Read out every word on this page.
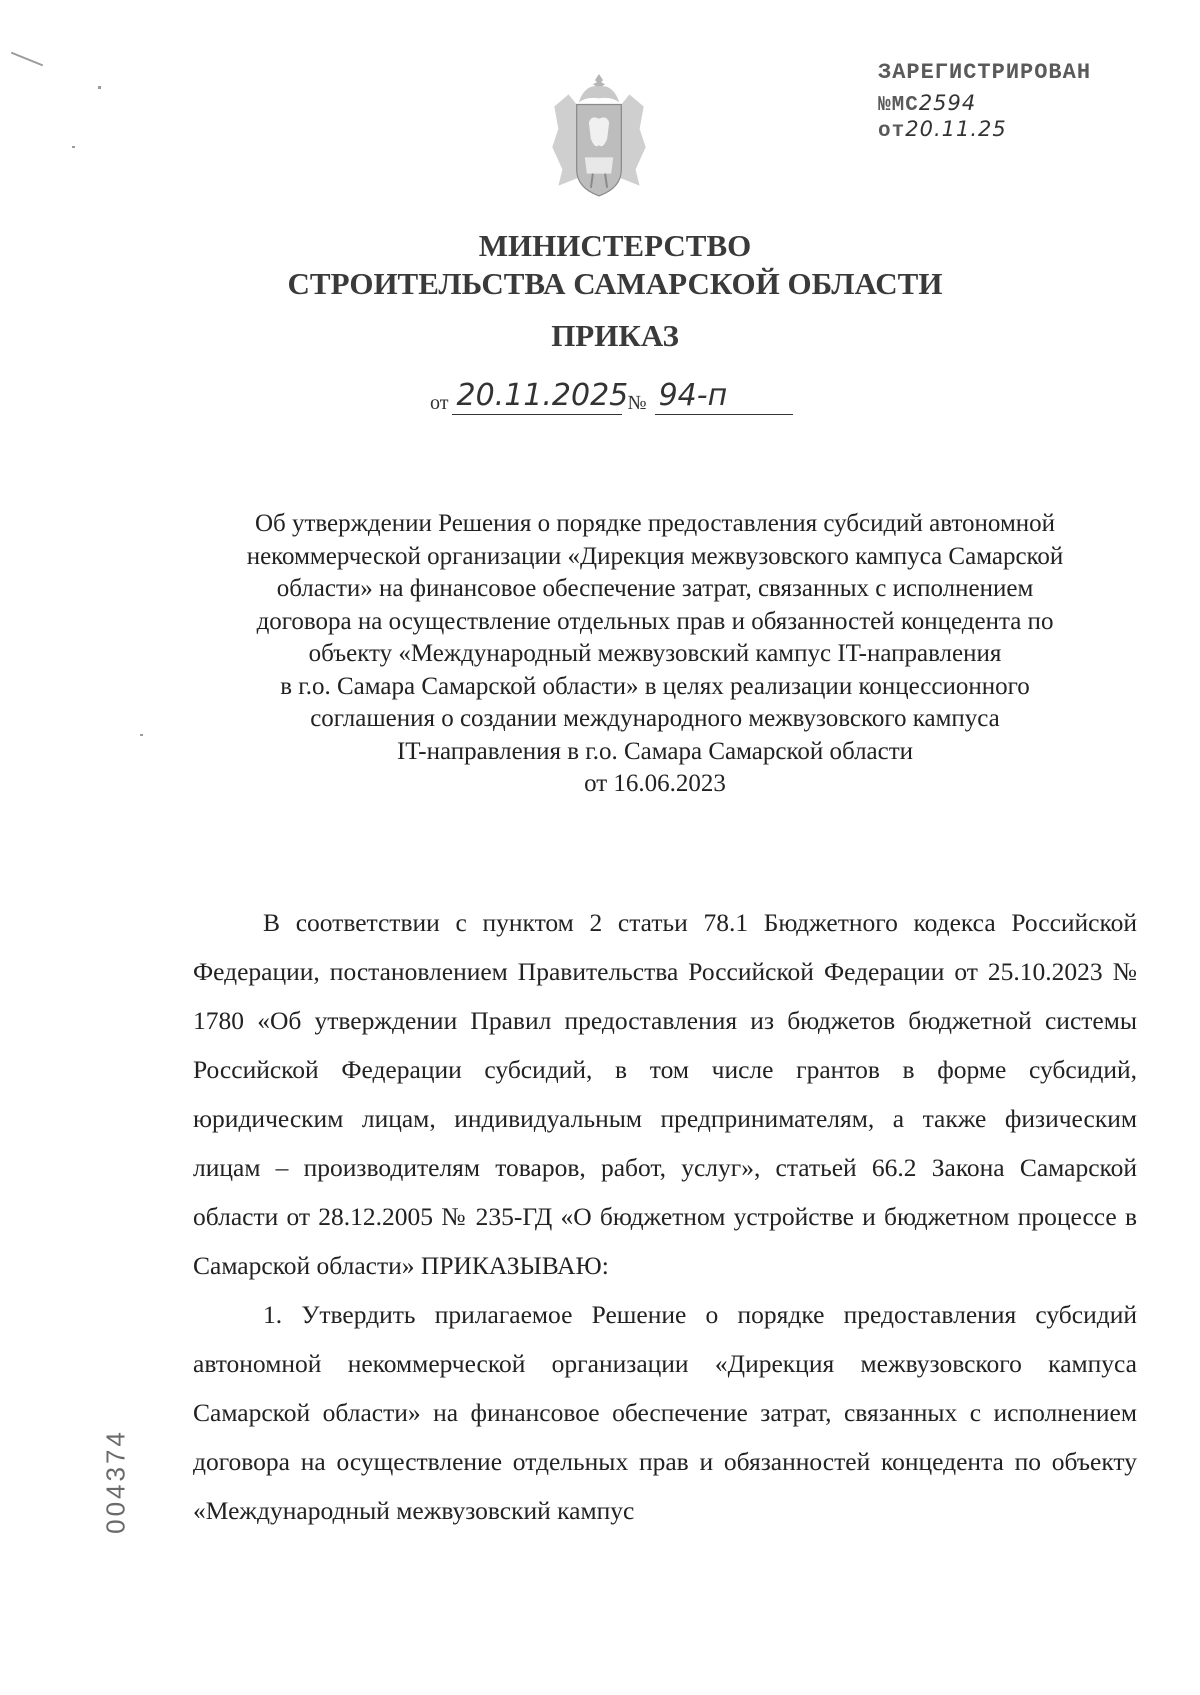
ЗАРЕГИСТРИРОВАН
№МС2594 от20.11.25
МИНИСТЕРСТВО
СТРОИТЕЛЬСТВА САМАРСКОЙ ОБЛАСТИ
ПРИКАЗ
от 20.11.2025 № 94-п
Об утверждении Решения о порядке предоставления субсидий автономной
некоммерческой организации «Дирекция межвузовского кампуса Самарской
области» на финансовое обеспечение затрат, связанных с исполнением
договора на осуществление отдельных прав и обязанностей концедента по
объекту «Международный межвузовский кампус IT-направления
в г.о. Самара Самарской области» в целях реализации концессионного
соглашения о создании международного межвузовского кампуса
IT-направления в г.о. Самара Самарской области
от 16.06.2023

В соответствии с пунктом 2 статьи 78.1 Бюджетного кодекса Российской Федерации, постановлением Правительства Российской Федерации от 25.10.2023 № 1780 «Об утверждении Правил предоставления из бюджетов бюджетной системы Российской Федерации субсидий, в том числе грантов в форме субсидий, юридическим лицам, индивидуальным предпринимателям, а также физическим лицам – производителям товаров, работ, услуг», статьей 66.2 Закона Самарской области от 28.12.2005 № 235-ГД «О бюджетном устройстве и бюджетном процессе в Самарской области» ПРИКАЗЫВАЮ:

1. Утвердить прилагаемое Решение о порядке предоставления субсидий автономной некоммерческой организации «Дирекция межвузовского кампуса Самарской области» на финансовое обеспечение затрат, связанных с исполнением договора на осуществление отдельных прав и обязанностей концедента по объекту «Международный межвузовский кампус

004374
